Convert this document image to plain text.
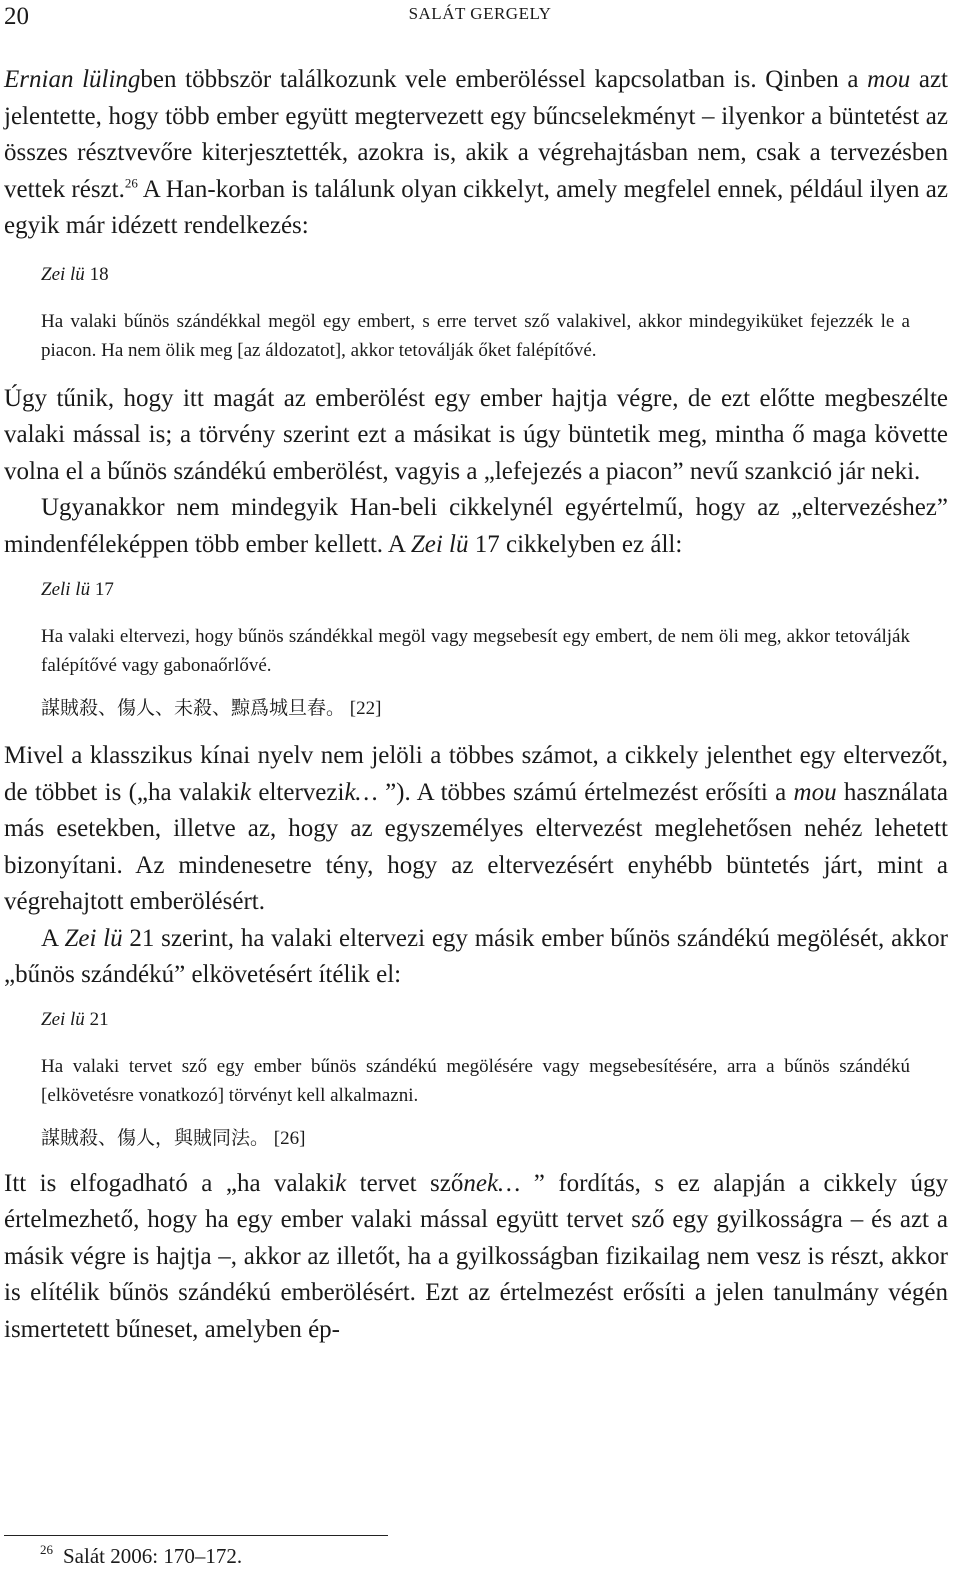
20	SALÁT GERGELY

Ernian lülingben többször találkozunk vele emberöléssel kapcsolatban is. Qinben a mou azt jelentette, hogy több ember együtt megtervezett egy bűncselekményt – ilyenkor a büntetést az összes résztvevőre kiterjesztették, azokra is, akik a végrehajtásban nem, csak a tervezésben vettek részt.$^{26}$ A Han-korban is találunk olyan cikkelyt, amely megfelel ennek, például ilyen az egyik már idézett rendelkezés:

Zei lü 18

Ha valaki bűnös szándékkal megöl egy embert, s erre tervet sző valakivel, akkor mindegyiküket fejezzék le a piacon. Ha nem ölik meg [az áldozatot], akkor tetoválják őket falépítővé.

Úgy tűnik, hogy itt magát az emberölést egy ember hajtja végre, de ezt előtte megbeszélte valaki mással is; a törvény szerint ezt a másikat is úgy büntetik meg, mintha ő maga követte volna el a bűnös szándékú emberölést, vagyis a „lefejezés a piacon” nevű szankció jár neki.

Ugyanakkor nem mindegyik Han-beli cikkelynél egyértelmű, hogy az „eltervezéshez” mindenféleképpen több ember kellett. A Zei lü 17 cikkelyben ez áll:

Zeli lü 17

Ha valaki eltervezi, hogy bűnös szándékkal megöl vagy megsebesít egy embert, de nem öli meg, akkor tetoválják falépítővé vagy gabonaőrlővé.

謀賊殺、傷人、未殺、黥爲城旦舂。 [22]

Mivel a klasszikus kínai nyelv nem jelöli a többes számot, a cikkely jelenthet egy eltervezőt, de többet is („ha valakik eltervezik… ”). A többes számú értelmezést erősíti a mou használata más esetekben, illetve az, hogy az egyszemélyes eltervezést meglehetősen nehéz lehetett bizonyítani. Az mindenesetre tény, hogy az eltervezésért enyhébb büntetés járt, mint a végrehajtott emberölésért.

A Zei lü 21 szerint, ha valaki eltervezi egy másik ember bűnös szándékú megölését, akkor „bűnös szándékú” elkövetésért ítélik el:

Zei lü 21

Ha valaki tervet sző egy ember bűnös szándékú megölésére vagy megsebesítésére, arra a bűnös szándékú [elkövetésre vonatkozó] törvényt kell alkalmazni.

謀賊殺、傷人，與賊同法。 [26]

Itt is elfogadható a „ha valakik tervet szőnek… ” fordítás, s ez alapján a cikkely úgy értelmezhető, hogy ha egy ember valaki mással együtt tervet sző egy gyilkosságra – és azt a másik végre is hajtja –, akkor az illetőt, ha a gyilkosságban fizikailag nem vesz is részt, akkor is elítélik bűnös szándékú emberölésért. Ezt az értelmezést erősíti a jelen tanulmány végén ismertetett bűneset, amelyben ép-

$^{26}$ Salát 2006: 170–172.
